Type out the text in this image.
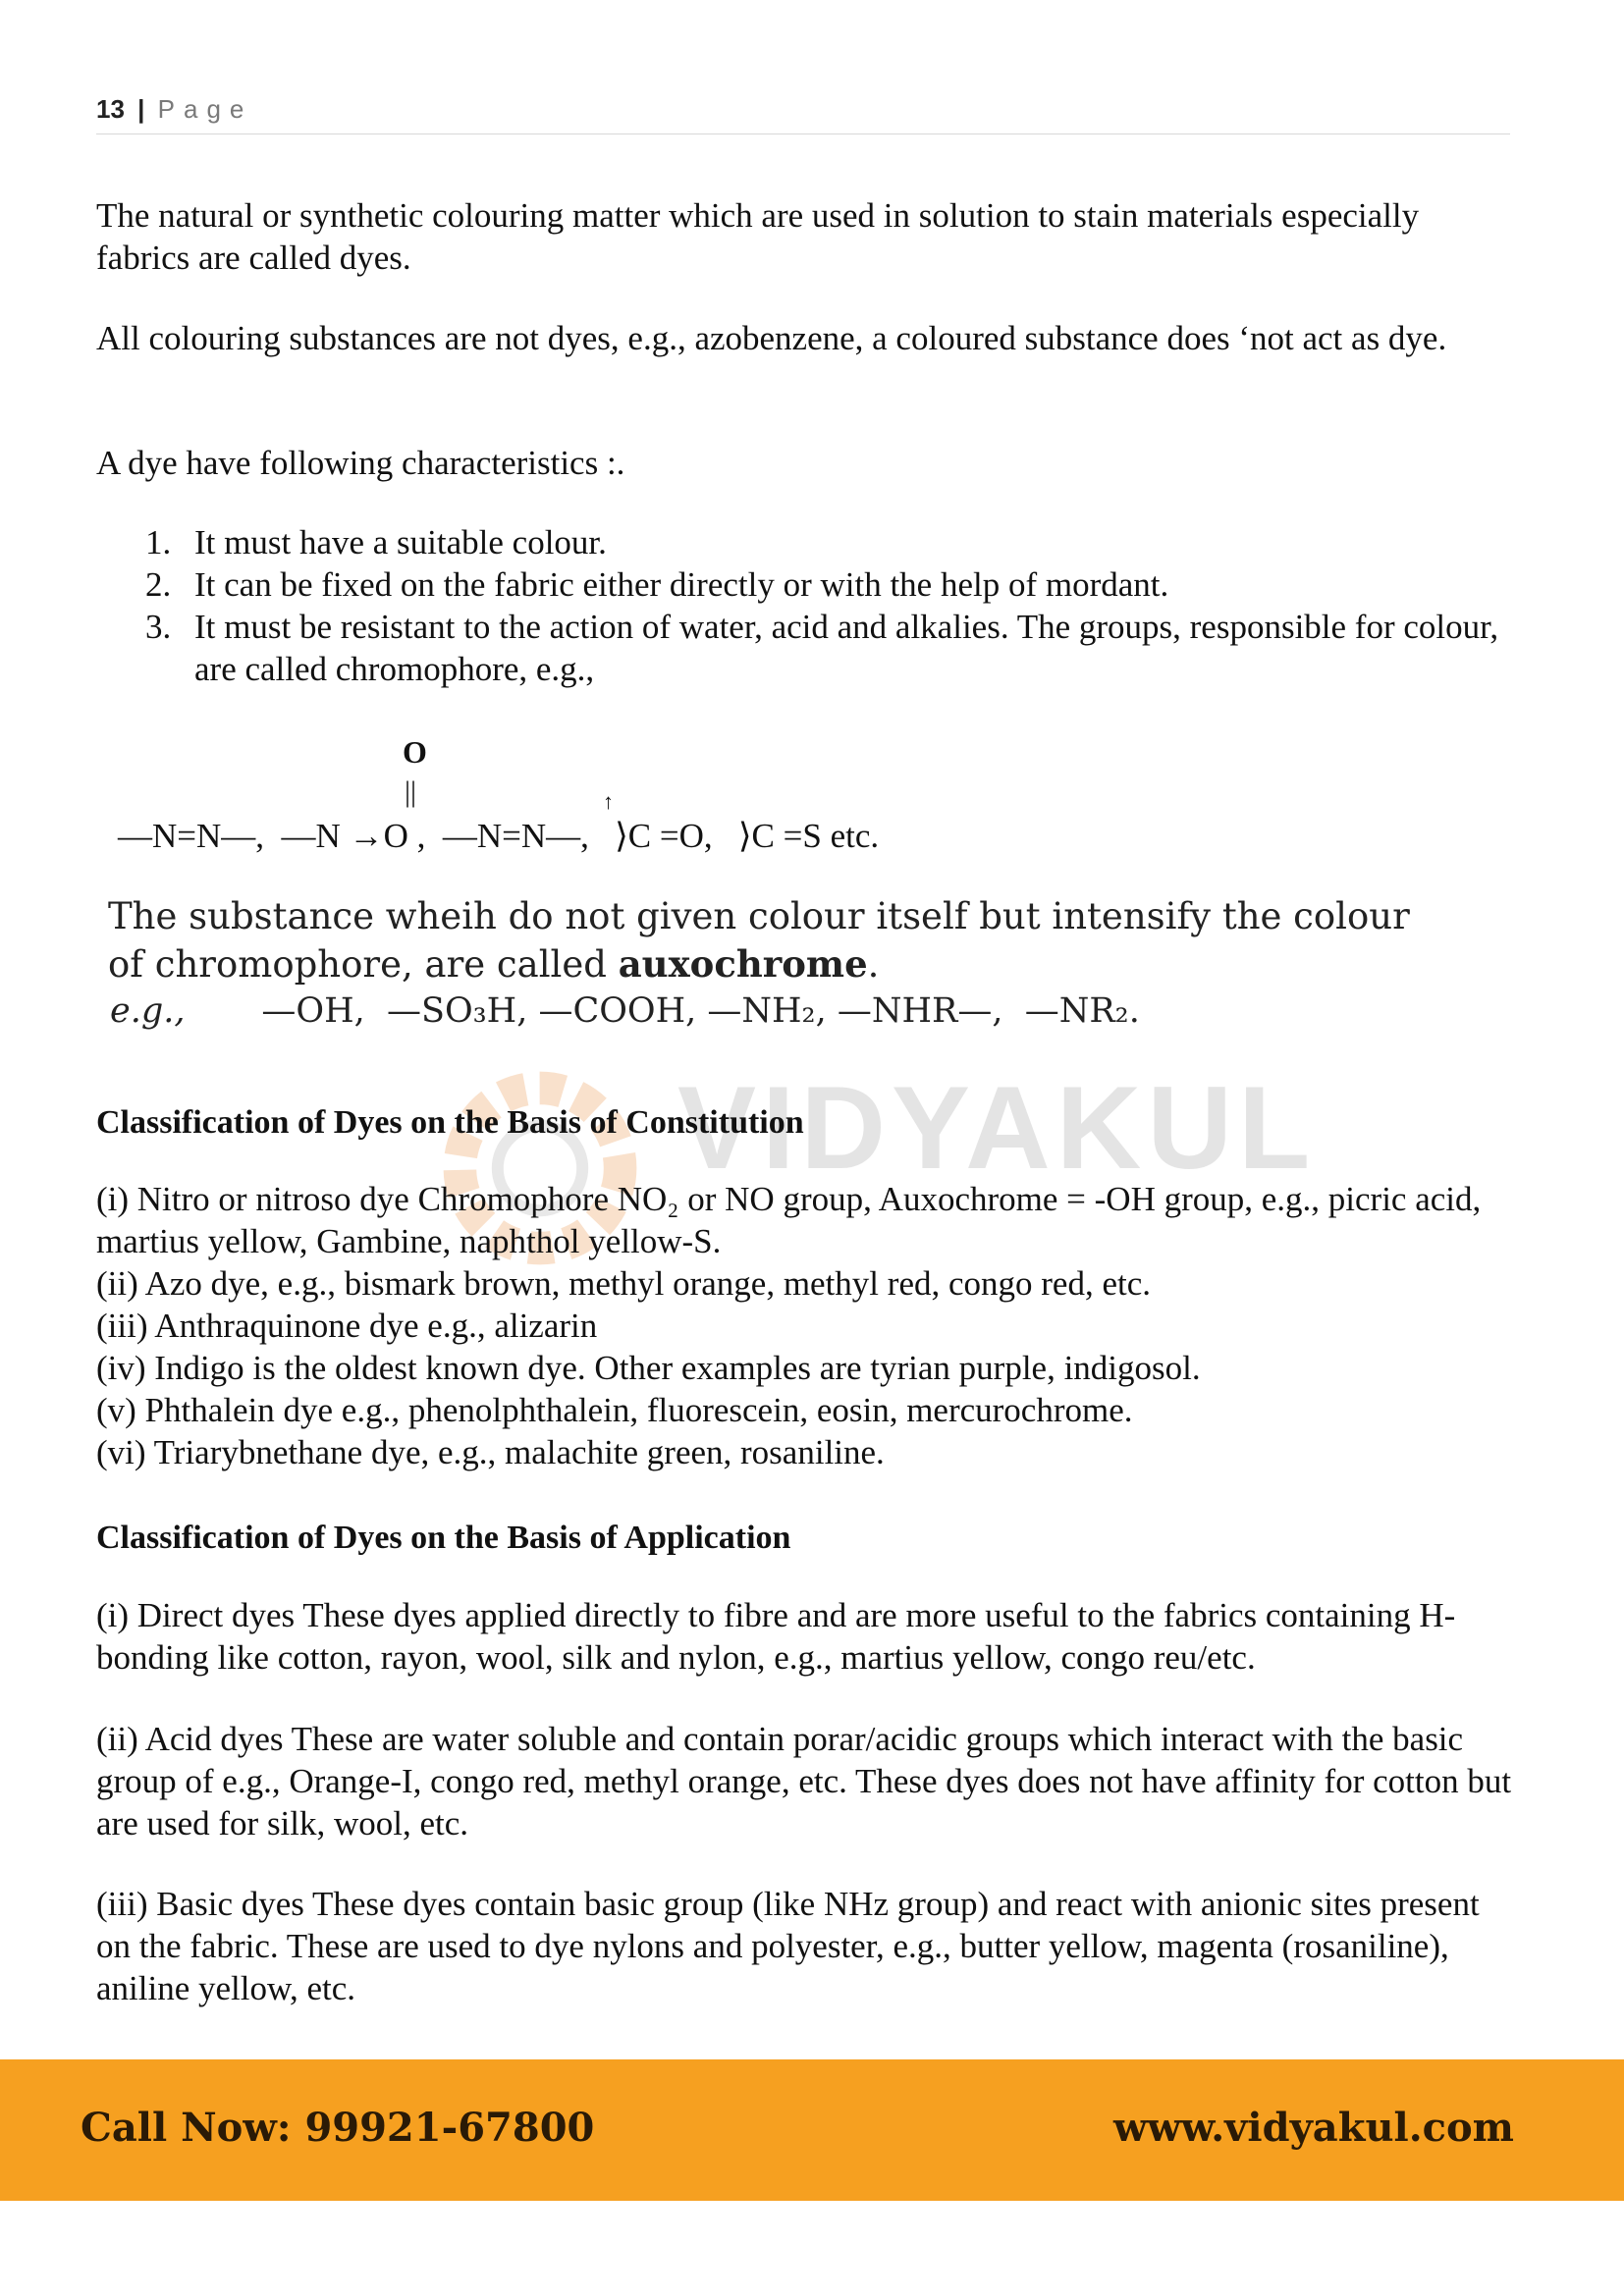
13 | Page

The natural or synthetic colouring matter which are used in solution to stain materials especially fabrics are called dyes.

All colouring substances are not dyes, e.g., azobenzene, a coloured substance does ‘not act as dye.

A dye have following characteristics :.

1. It must have a suitable colour.
2. It can be fixed on the fabric either directly or with the help of mordant.
3. It must be resistant to the action of water, acid and alkalies. The groups, responsible for colour, are called chromophore, e.g.,
O
||	↑
—N=N—,  —N →O ,  —N=N—,   ⟩C =O,   ⟩C =S etc.
The substance wheih do not given colour itself but intensify the colour
of chromophore, are called auxochrome.
e.g., —OH,  —SO₃H, —COOH, —NH₂, —NHR—,  —NR₂.
VIDYAKUL
Classification of Dyes on the Basis of Constitution
(i) Nitro or nitroso dye Chromophore NO₂ or NO group, Auxochrome = -OH group, e.g., picric acid, martius yellow, Gambine, naphthol yellow-S.
(ii) Azo dye, e.g., bismark brown, methyl orange, methyl red, congo red, etc.
(iii) Anthraquinone dye e.g., alizarin
(iv) Indigo is the oldest known dye. Other examples are tyrian purple, indigosol.
(v) Phthalein dye e.g., phenolphthalein, fluorescein, eosin, mercurochrome.
(vi) Triarybnethane dye, e.g., malachite green, rosaniline.
Classification of Dyes on the Basis of Application

(i) Direct dyes These dyes applied directly to fibre and are more useful to the fabrics containing H-bonding like cotton, rayon, wool, silk and nylon, e.g., martius yellow, congo reu/etc.

(ii) Acid dyes These are water soluble and contain porar/acidic groups which interact with the basic group of e.g., Orange-I, congo red, methyl orange, etc. These dyes does not have affinity for cotton but are used for silk, wool, etc.

(iii) Basic dyes These dyes contain basic group (like NHz group) and react with anionic sites present on the fabric. These are used to dye nylons and polyester, e.g., butter yellow, magenta (rosaniline), aniline yellow, etc.

Call Now: 99921-67800	www.vidyakul.com
